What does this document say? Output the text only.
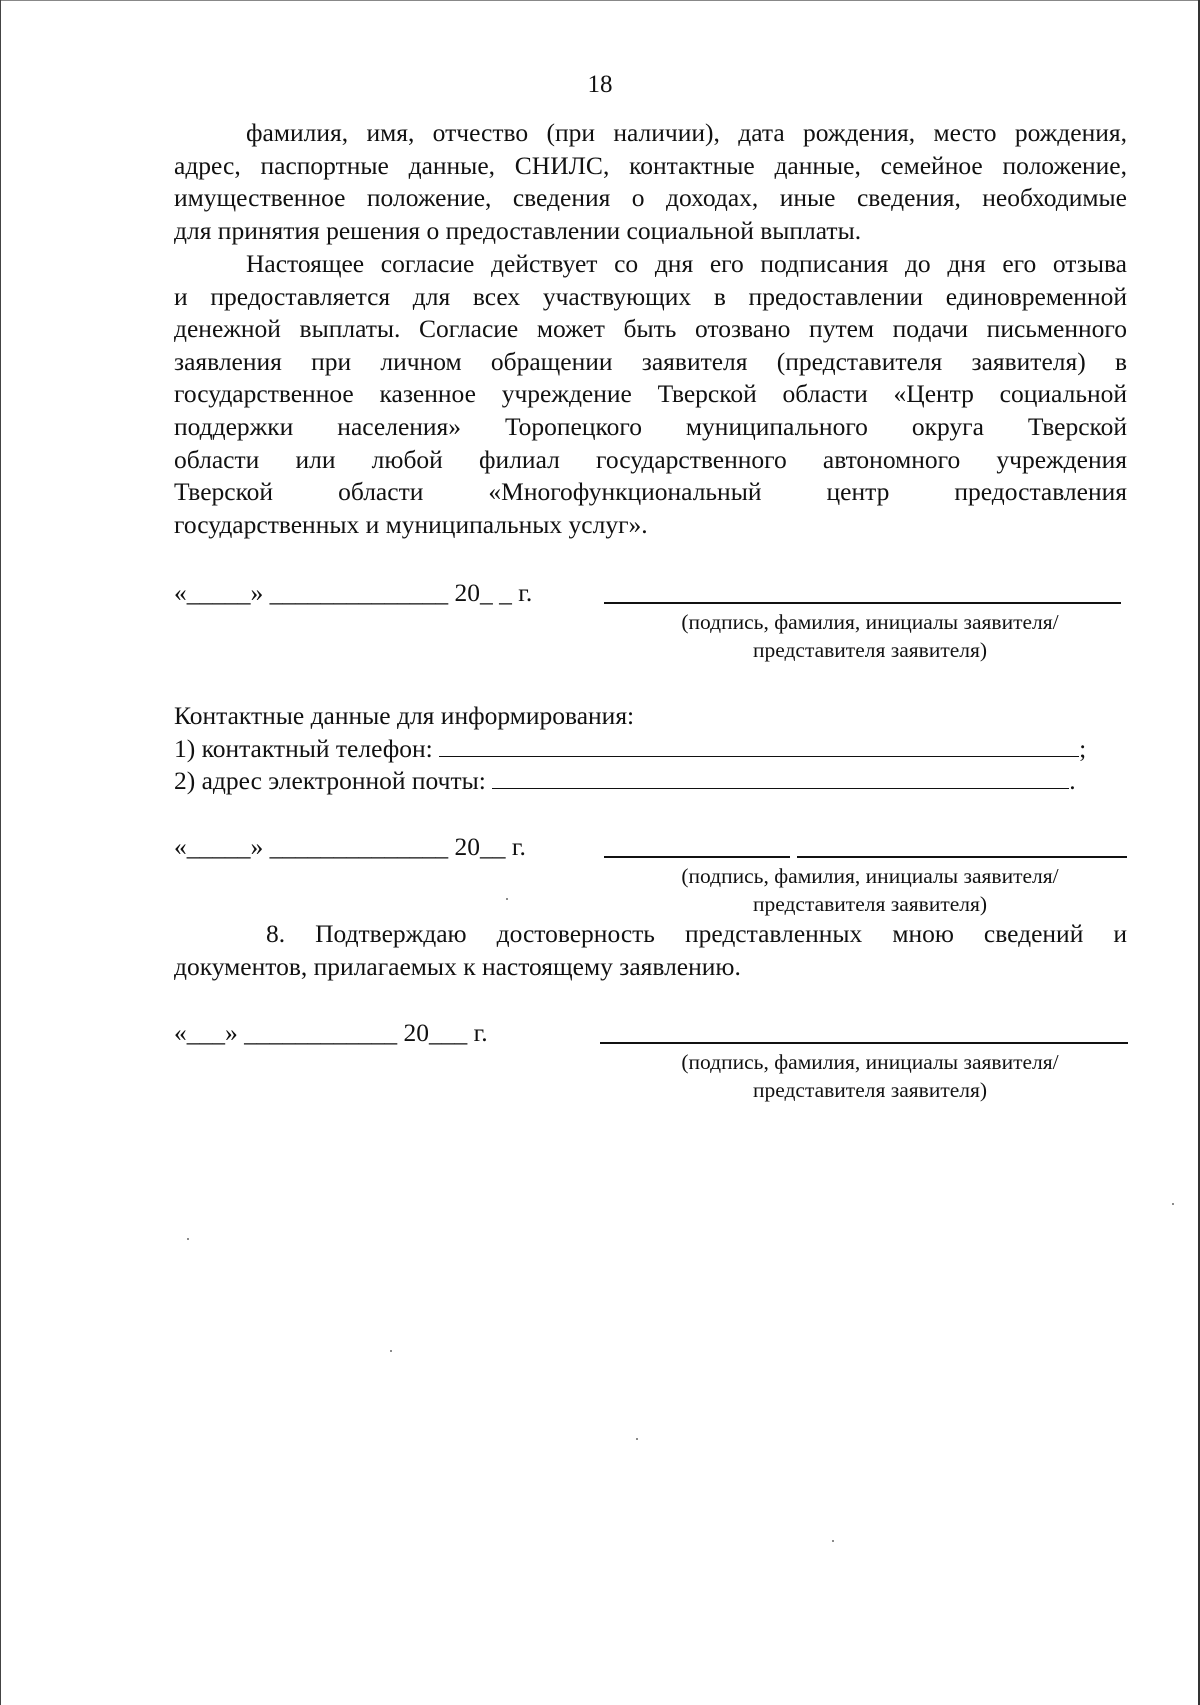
18
фамилия, имя, отчество (при наличии), дата рождения, место рождения,
адрес, паспортные данные, СНИЛС, контактные данные, семейное положение,
имущественное положение, сведения о доходах, иные сведения, необходимые
для принятия решения о предоставлении социальной выплаты.
Настоящее согласие действует со дня его подписания до дня его отзыва
и предоставляется для всех участвующих в предоставлении единовременной
денежной выплаты. Согласие может быть отозвано путем подачи письменного
заявления при личном обращении заявителя (представителя заявителя) в
государственное казенное учреждение Тверской области «Центр социальной
поддержки населения» Торопецкого муниципального округа Тверской
области или любой филиал государственного автономного учреждения
Тверской области «Многофункциональный центр предоставления
государственных и муниципальных услуг».
«_____» ______________ 20_ _ г.
(подпись, фамилия, инициалы заявителя/
представителя заявителя)
Контактные данные для информирования:
1) контактный телефон:	;
2) адрес электронной почты:	.
«_____» ______________ 20__ г.
(подпись, фамилия, инициалы заявителя/
представителя заявителя)
8. Подтверждаю достоверность представленных мною сведений и
документов, прилагаемых к настоящему заявлению.
«___» ____________ 20___ г.
(подпись, фамилия, инициалы заявителя/
представителя заявителя)
